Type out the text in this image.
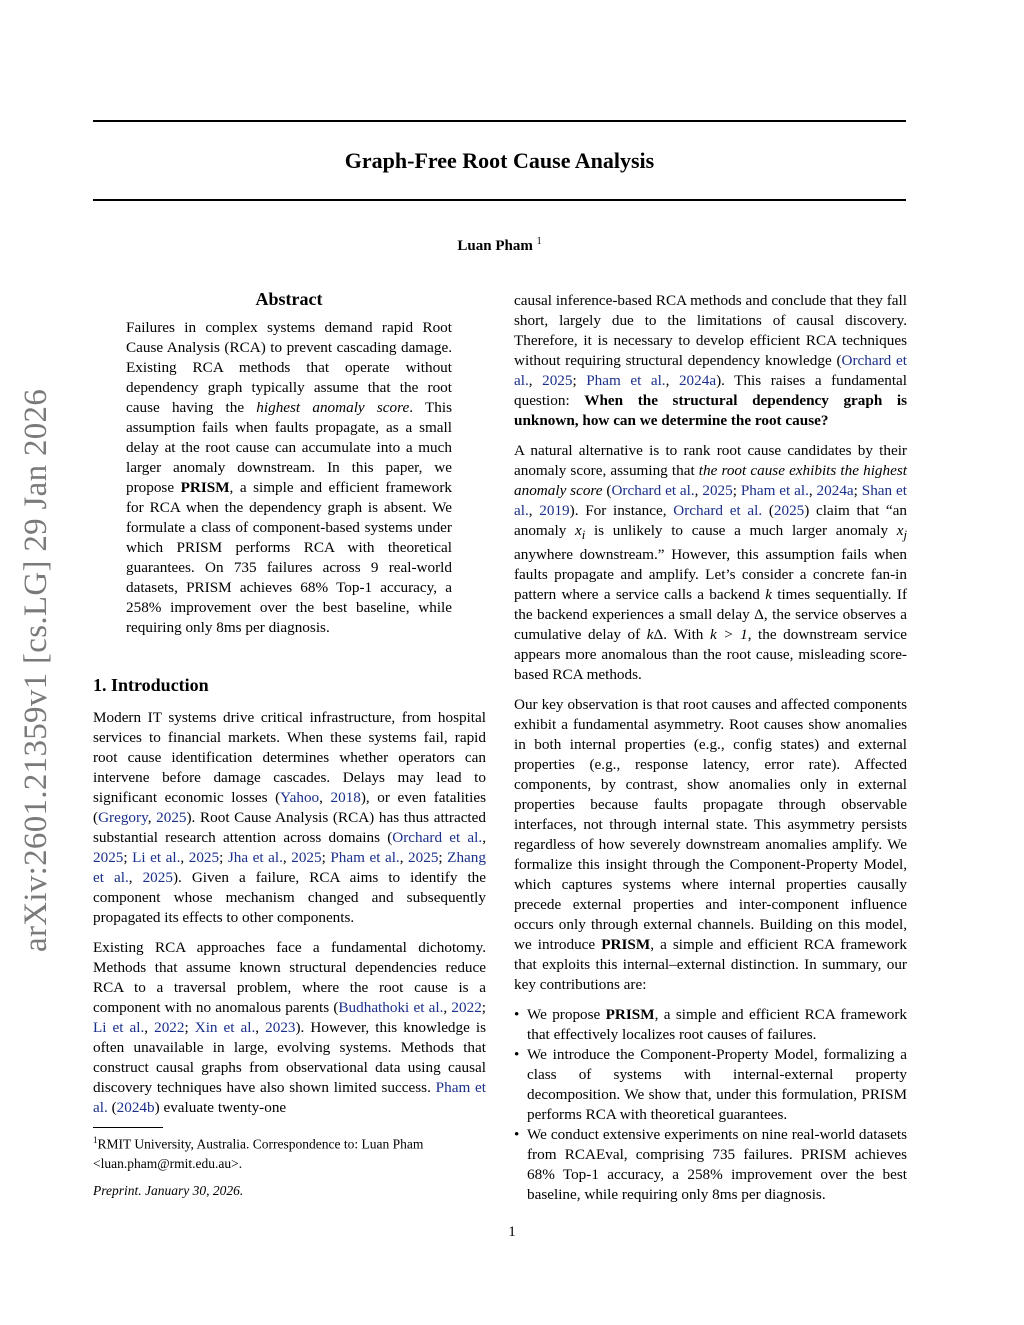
arXiv:2601.21359v1 [cs.LG] 29 Jan 2026
Graph-Free Root Cause Analysis
Luan Pham $^1$
Abstract
Failures in complex systems demand rapid Root Cause Analysis (RCA) to prevent cascading damage. Existing RCA methods that operate without dependency graph typically assume that the root cause having the highest anomaly score. This assumption fails when faults propagate, as a small delay at the root cause can accumulate into a much larger anomaly downstream. In this paper, we propose PRISM, a simple and efficient framework for RCA when the dependency graph is absent. We formulate a class of component-based systems under which PRISM performs RCA with theoretical guarantees. On 735 failures across 9 real-world datasets, PRISM achieves 68% Top-1 accuracy, a 258% improvement over the best baseline, while requiring only 8ms per diagnosis.
1. Introduction

Modern IT systems drive critical infrastructure, from hospital services to financial markets. When these systems fail, rapid root cause identification determines whether operators can intervene before damage cascades. Delays may lead to significant economic losses (Yahoo, 2018), or even fatalities (Gregory, 2025). Root Cause Analysis (RCA) has thus attracted substantial research attention across domains (Orchard et al., 2025; Li et al., 2025; Jha et al., 2025; Pham et al., 2025; Zhang et al., 2025). Given a failure, RCA aims to identify the component whose mechanism changed and subsequently propagated its effects to other components.

Existing RCA approaches face a fundamental dichotomy. Methods that assume known structural dependencies reduce RCA to a traversal problem, where the root cause is a component with no anomalous parents (Budhathoki et al., 2022; Li et al., 2022; Xin et al., 2023). However, this knowledge is often unavailable in large, evolving systems. Methods that construct causal graphs from observational data using causal discovery techniques have also shown limited success. Pham et al. (2024b) evaluate twenty-one

$^1$RMIT University, Australia. Correspondence to: Luan Pham <luan.pham@rmit.edu.au>.
Preprint. January 30, 2026.

causal inference-based RCA methods and conclude that they fall short, largely due to the limitations of causal discovery. Therefore, it is necessary to develop efficient RCA techniques without requiring structural dependency knowledge (Orchard et al., 2025; Pham et al., 2024a). This raises a fundamental question: When the structural dependency graph is unknown, how can we determine the root cause?

A natural alternative is to rank root cause candidates by their anomaly score, assuming that the root cause exhibits the highest anomaly score (Orchard et al., 2025; Pham et al., 2024a; Shan et al., 2019). For instance, Orchard et al. (2025) claim that “an anomaly $x_i$ is unlikely to cause a much larger anomaly $x_j$ anywhere downstream.” However, this assumption fails when faults propagate and amplify. Let’s consider a concrete fan-in pattern where a service calls a backend k times sequentially. If the backend experiences a small delay Δ, the service observes a cumulative delay of kΔ. With k > 1, the downstream service appears more anomalous than the root cause, misleading score-based RCA methods.

Our key observation is that root causes and affected components exhibit a fundamental asymmetry. Root causes show anomalies in both internal properties (e.g., config states) and external properties (e.g., response latency, error rate). Affected components, by contrast, show anomalies only in external properties because faults propagate through observable interfaces, not through internal state. This asymmetry persists regardless of how severely downstream anomalies amplify. We formalize this insight through the Component-Property Model, which captures systems where internal properties causally precede external properties and inter-component influence occurs only through external channels. Building on this model, we introduce PRISM, a simple and efficient RCA framework that exploits this internal–external distinction. In summary, our key contributions are:

• We propose PRISM, a simple and efficient RCA framework that effectively localizes root causes of failures.
• We introduce the Component-Property Model, formalizing a class of systems with internal-external property decomposition. We show that, under this formulation, PRISM performs RCA with theoretical guarantees.
• We conduct extensive experiments on nine real-world datasets from RCAEval, comprising 735 failures. PRISM achieves 68% Top-1 accuracy, a 258% improvement over the best baseline, while requiring only 8ms per diagnosis.
1
